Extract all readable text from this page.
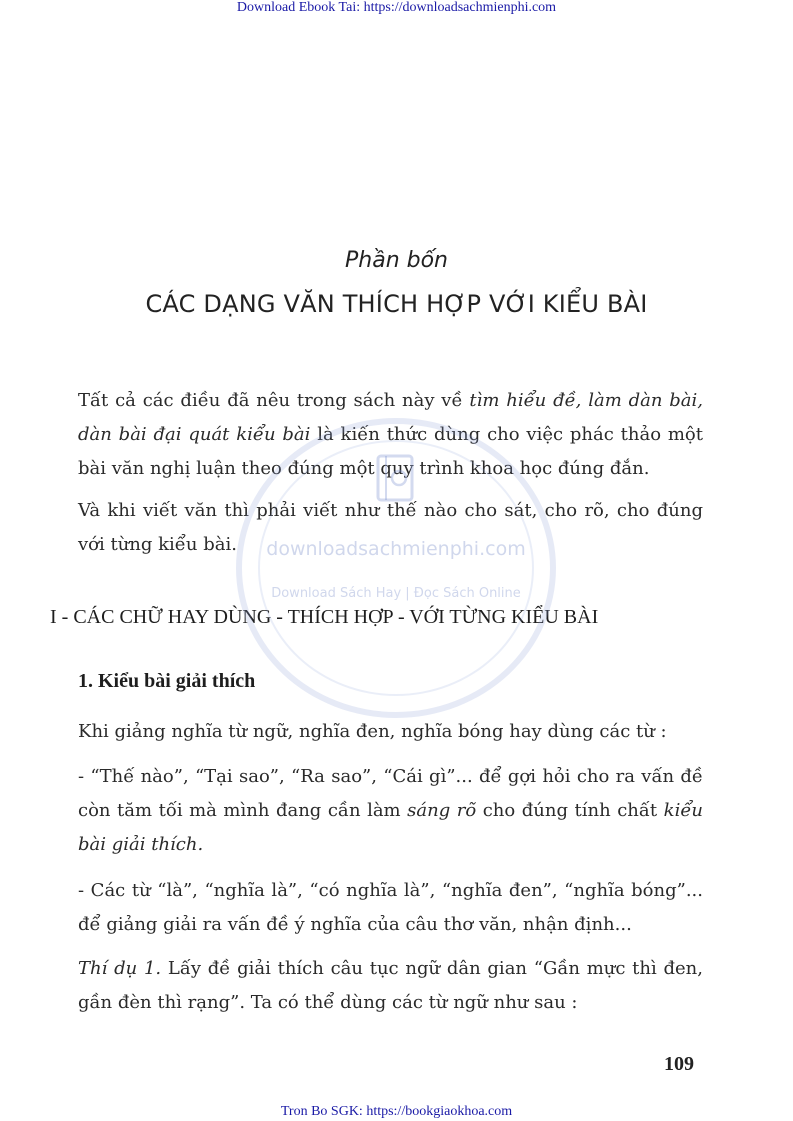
Download Ebook Tai: https://downloadsachmienphi.com
Phần bốn
CÁC DẠNG VĂN THÍCH HỢP VỚI KIỂU BÀI

Tất cả các điều đã nêu trong sách này về tìm hiểu đề, làm dàn bài, dàn bài đại quát kiểu bài là kiến thức dùng cho việc phác thảo một bài văn nghị luận theo đúng một quy trình khoa học đúng đắn.

Và khi viết văn thì phải viết như thế nào cho sát, cho rõ, cho đúng với từng kiểu bài.

I - CÁC CHỮ HAY DÙNG - THÍCH HỢP - VỚI TỪNG KIỂU BÀI
1. Kiểu bài giải thích

Khi giảng nghĩa từ ngữ, nghĩa đen, nghĩa bóng hay dùng các từ :

- “Thế nào”, “Tại sao”, “Ra sao”, “Cái gì”... để gợi hỏi cho ra vấn đề còn tăm tối mà mình đang cần làm sáng rõ cho đúng tính chất kiểu bài giải thích.

- Các từ “là”, “nghĩa là”, “có nghĩa là”, “nghĩa đen”, “nghĩa bóng”... để giảng giải ra vấn đề ý nghĩa của câu thơ văn, nhận định...

Thí dụ 1. Lấy đề giải thích câu tục ngữ dân gian “Gần mực thì đen, gần đèn thì rạng”. Ta có thể dùng các từ ngữ như sau :

109
downloadsachmienphi.com
Download Sách Hay | Đọc Sách Online
Tron Bo SGK: https://bookgiaokhoa.com
